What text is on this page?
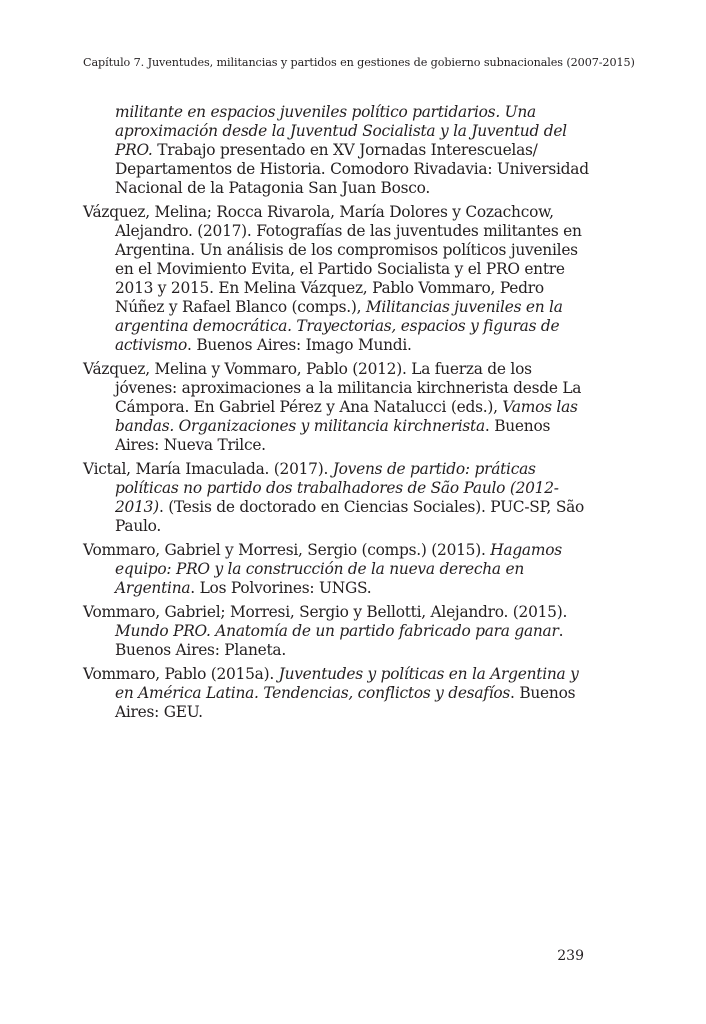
Capítulo 7. Juventudes, militancias y partidos en gestiones de gobierno subnacionales (2007-2015)

militante en espacios juveniles político partidarios. Una aproximación desde la Juventud Socialista y la Juventud del PRO. Trabajo presentado en XV Jornadas Interescuelas/ Departamentos de Historia. Comodoro Rivadavia: Universidad Nacional de la Patagonia San Juan Bosco.

Vázquez, Melina; Rocca Rivarola, María Dolores y Cozachcow, Alejandro. (2017). Fotografías de las juventudes militantes en Argentina. Un análisis de los compromisos políticos juveniles en el Movimiento Evita, el Partido Socialista y el PRO entre 2013 y 2015. En Melina Vázquez, Pablo Vommaro, Pedro Núñez y Rafael Blanco (comps.), Militancias juveniles en la argentina democrática. Trayectorias, espacios y figuras de activismo. Buenos Aires: Imago Mundi.

Vázquez, Melina y Vommaro, Pablo (2012). La fuerza de los jóvenes: aproximaciones a la militancia kirchnerista desde La Cámpora. En Gabriel Pérez y Ana Natalucci (eds.), Vamos las bandas. Organizaciones y militancia kirchnerista. Buenos Aires: Nueva Trilce.

Victal, María Imaculada. (2017). Jovens de partido: práticas políticas no partido dos trabalhadores de São Paulo (2012-2013). (Tesis de doctorado en Ciencias Sociales). PUC-SP, São Paulo.

Vommaro, Gabriel y Morresi, Sergio (comps.) (2015). Hagamos equipo: PRO y la construcción de la nueva derecha en Argentina. Los Polvorines: UNGS.

Vommaro, Gabriel; Morresi, Sergio y Bellotti, Alejandro. (2015). Mundo PRO. Anatomía de un partido fabricado para ganar. Buenos Aires: Planeta.

Vommaro, Pablo (2015a). Juventudes y políticas en la Argentina y en América Latina. Tendencias, conflictos y desafíos. Buenos Aires: GEU.

239
